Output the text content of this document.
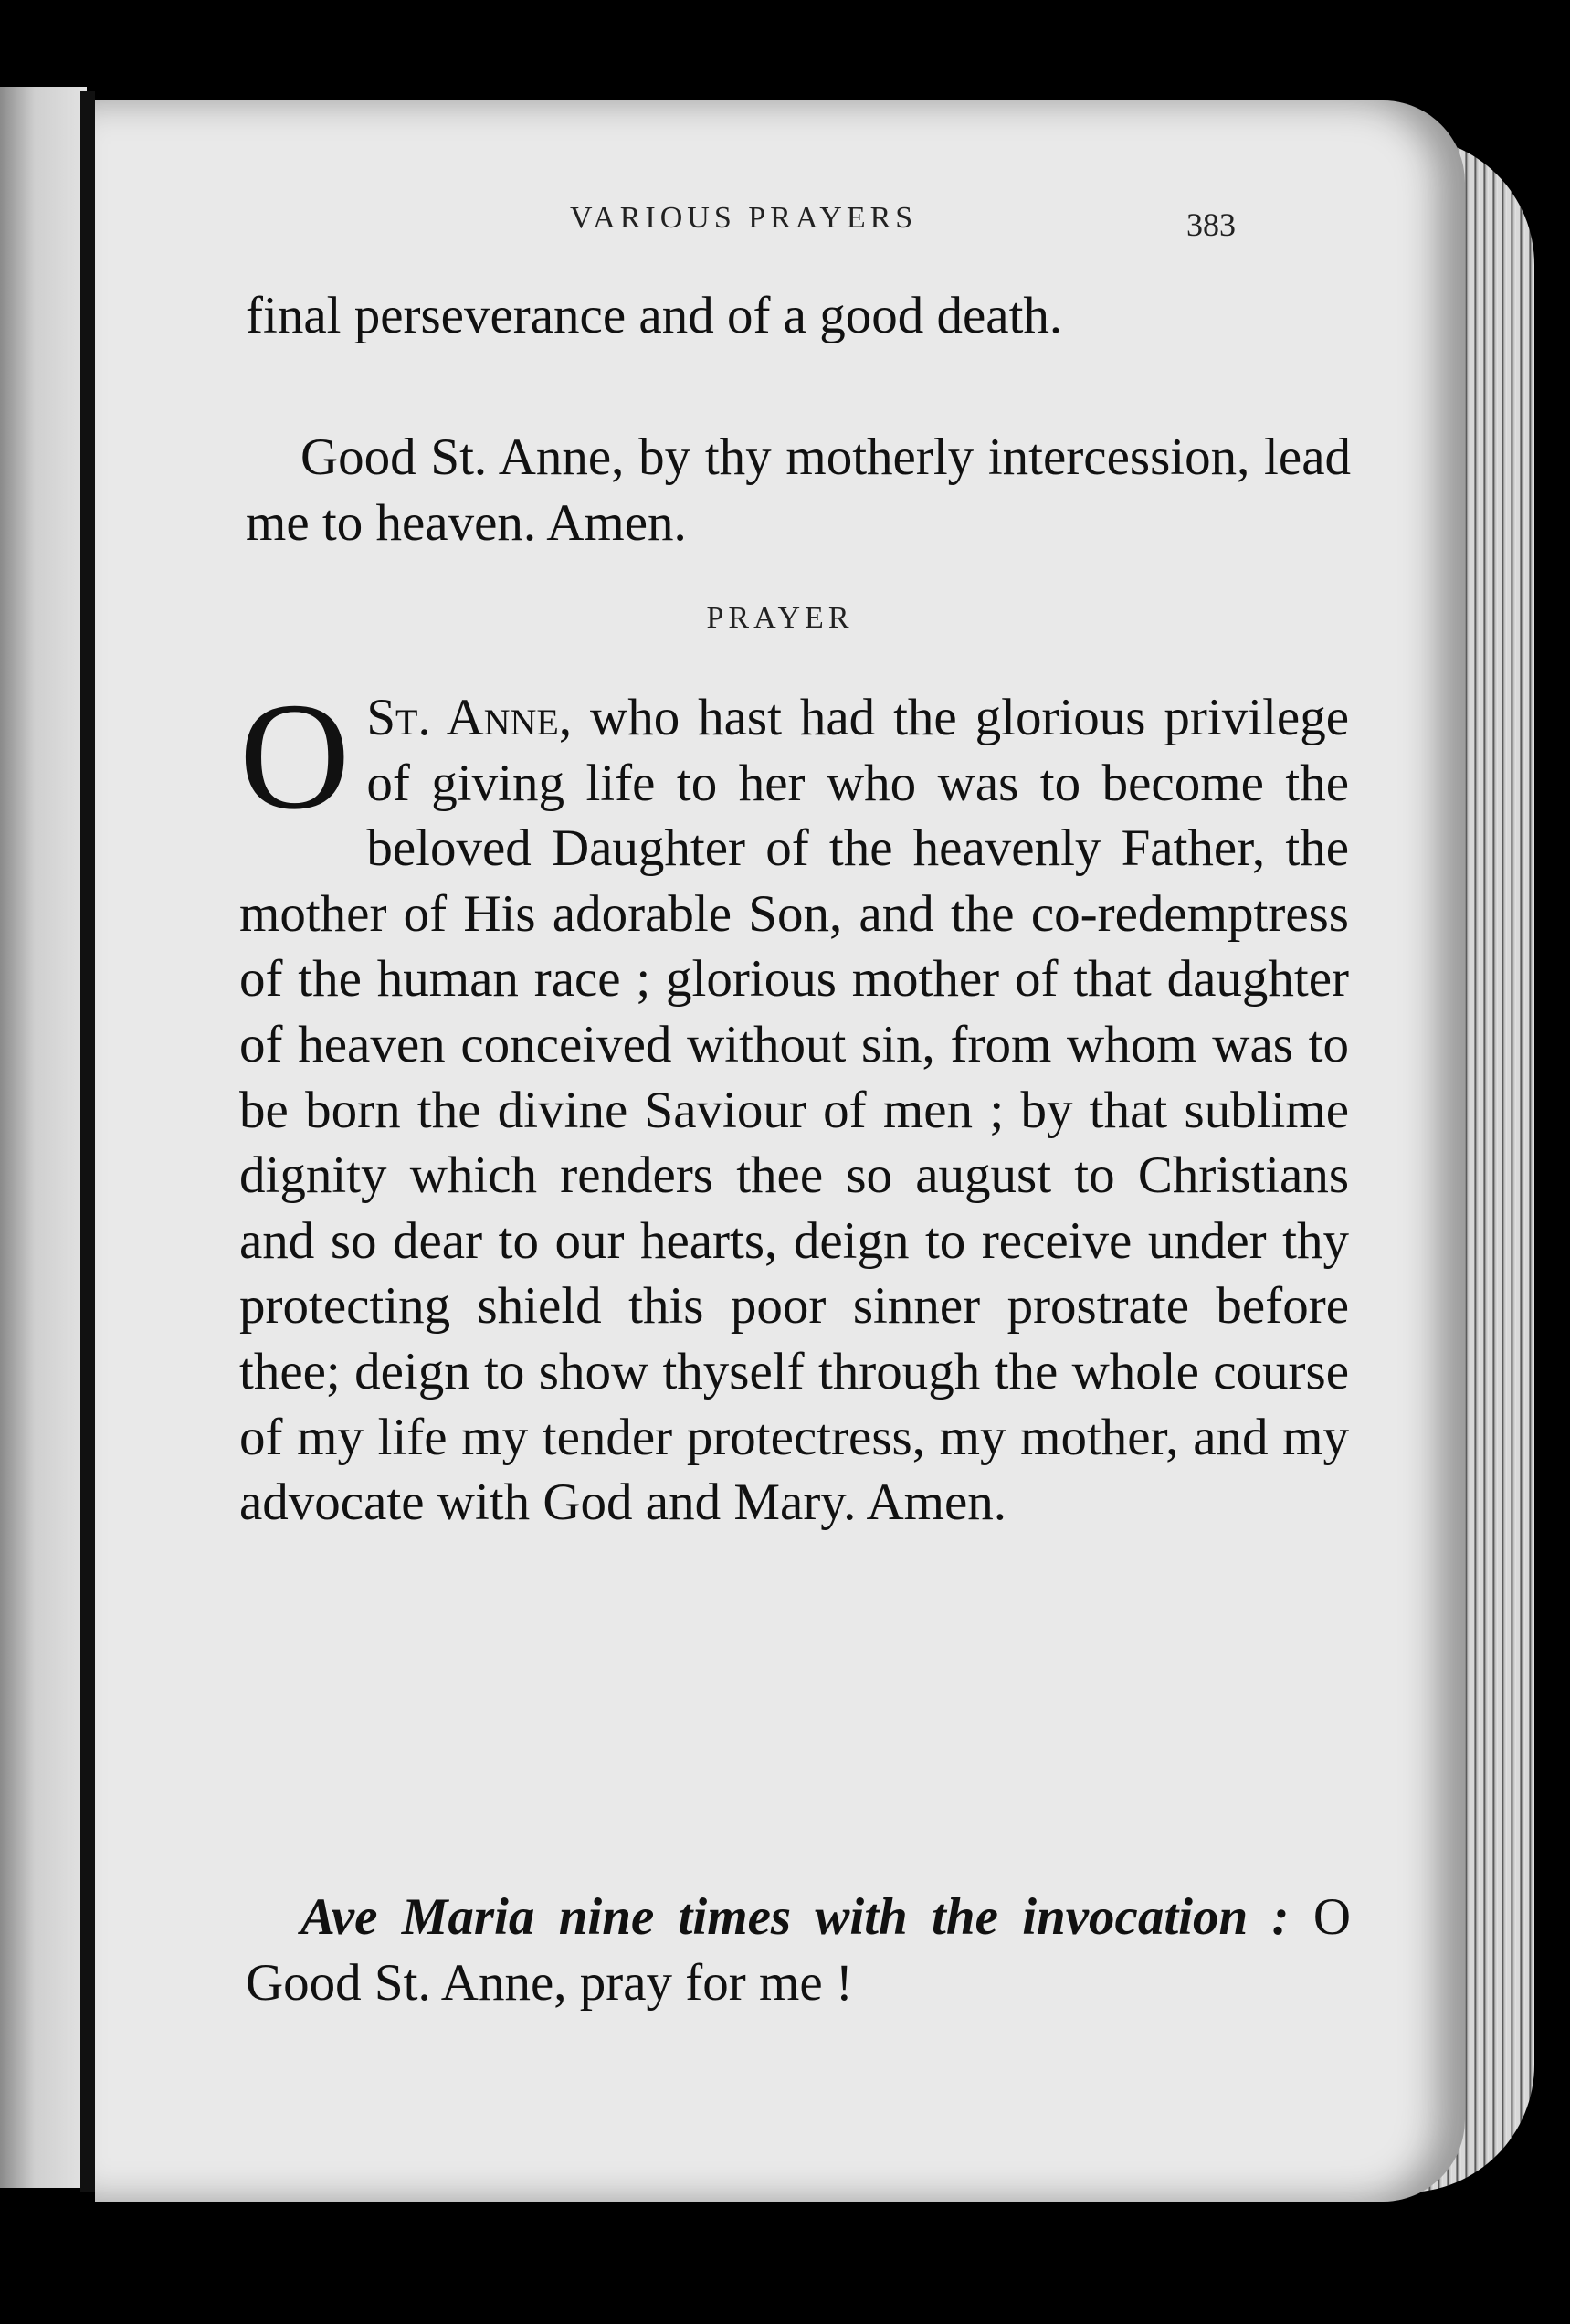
VARIOUS PRAYERS	383
final perseverance and of a good death.
Good St. Anne, by thy motherly intercession, lead me to heaven. Amen.
PRAYER
O St. Anne, who hast had the glorious privilege of giving life to her who was to become the beloved Daughter of the heavenly Father, the mother of His adorable Son, and the co-redemptress of the human race ; glorious mother of that daughter of heaven conceived without sin, from whom was to be born the divine Saviour of men ; by that sublime dignity which renders thee so august to Christians and so dear to our hearts, deign to receive under thy protecting shield this poor sinner prostrate before thee; deign to show thyself through the whole course of my life my tender protectress, my mother, and my advocate with God and Mary. Amen.
Ave Maria nine times with the invocation : O Good St. Anne, pray for me !
